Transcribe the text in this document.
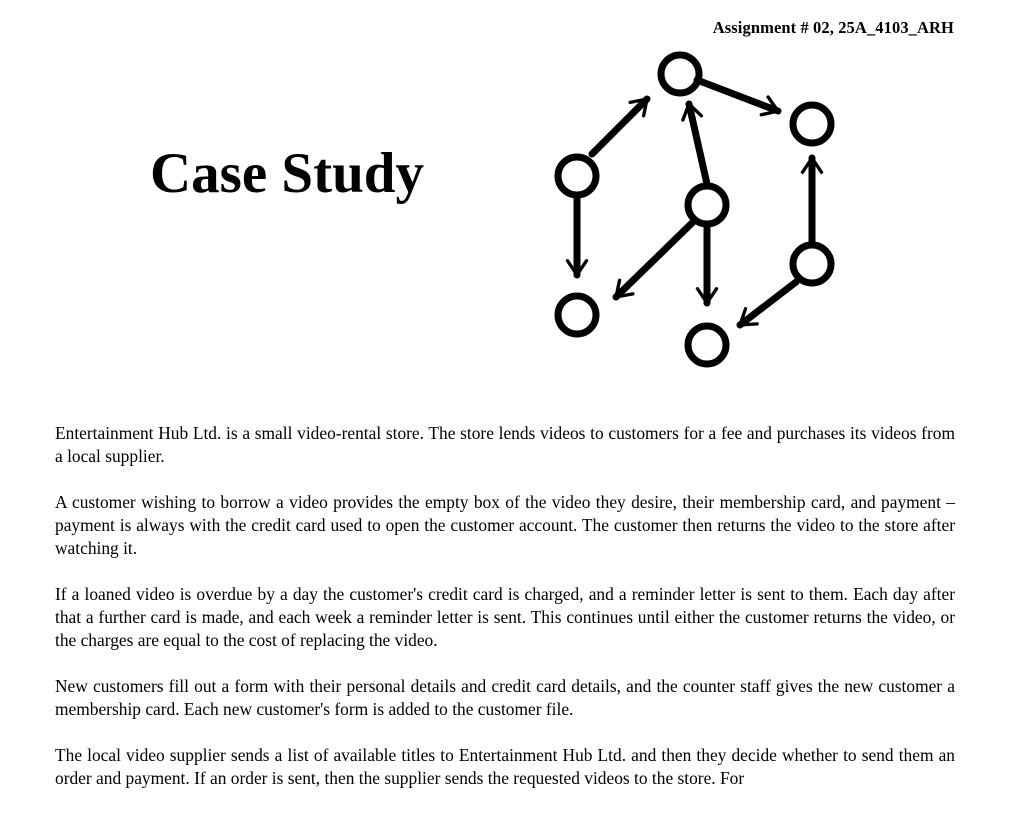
Assignment # 02, 25A_4103_ARH
Case Study

Entertainment Hub Ltd. is a small video-rental store. The store lends videos to customers for a fee and purchases its videos from a local supplier.

A customer wishing to borrow a video provides the empty box of the video they desire, their membership card, and payment – payment is always with the credit card used to open the customer account. The customer then returns the video to the store after watching it.

If a loaned video is overdue by a day the customer's credit card is charged, and a reminder letter is sent to them. Each day after that a further card is made, and each week a reminder letter is sent. This continues until either the customer returns the video, or the charges are equal to the cost of replacing the video.

New customers fill out a form with their personal details and credit card details, and the counter staff gives the new customer a membership card. Each new customer's form is added to the customer file.

The local video supplier sends a list of available titles to Entertainment Hub Ltd. and then they decide whether to send them an order and payment. If an order is sent, then the supplier sends the requested videos to the store. For
